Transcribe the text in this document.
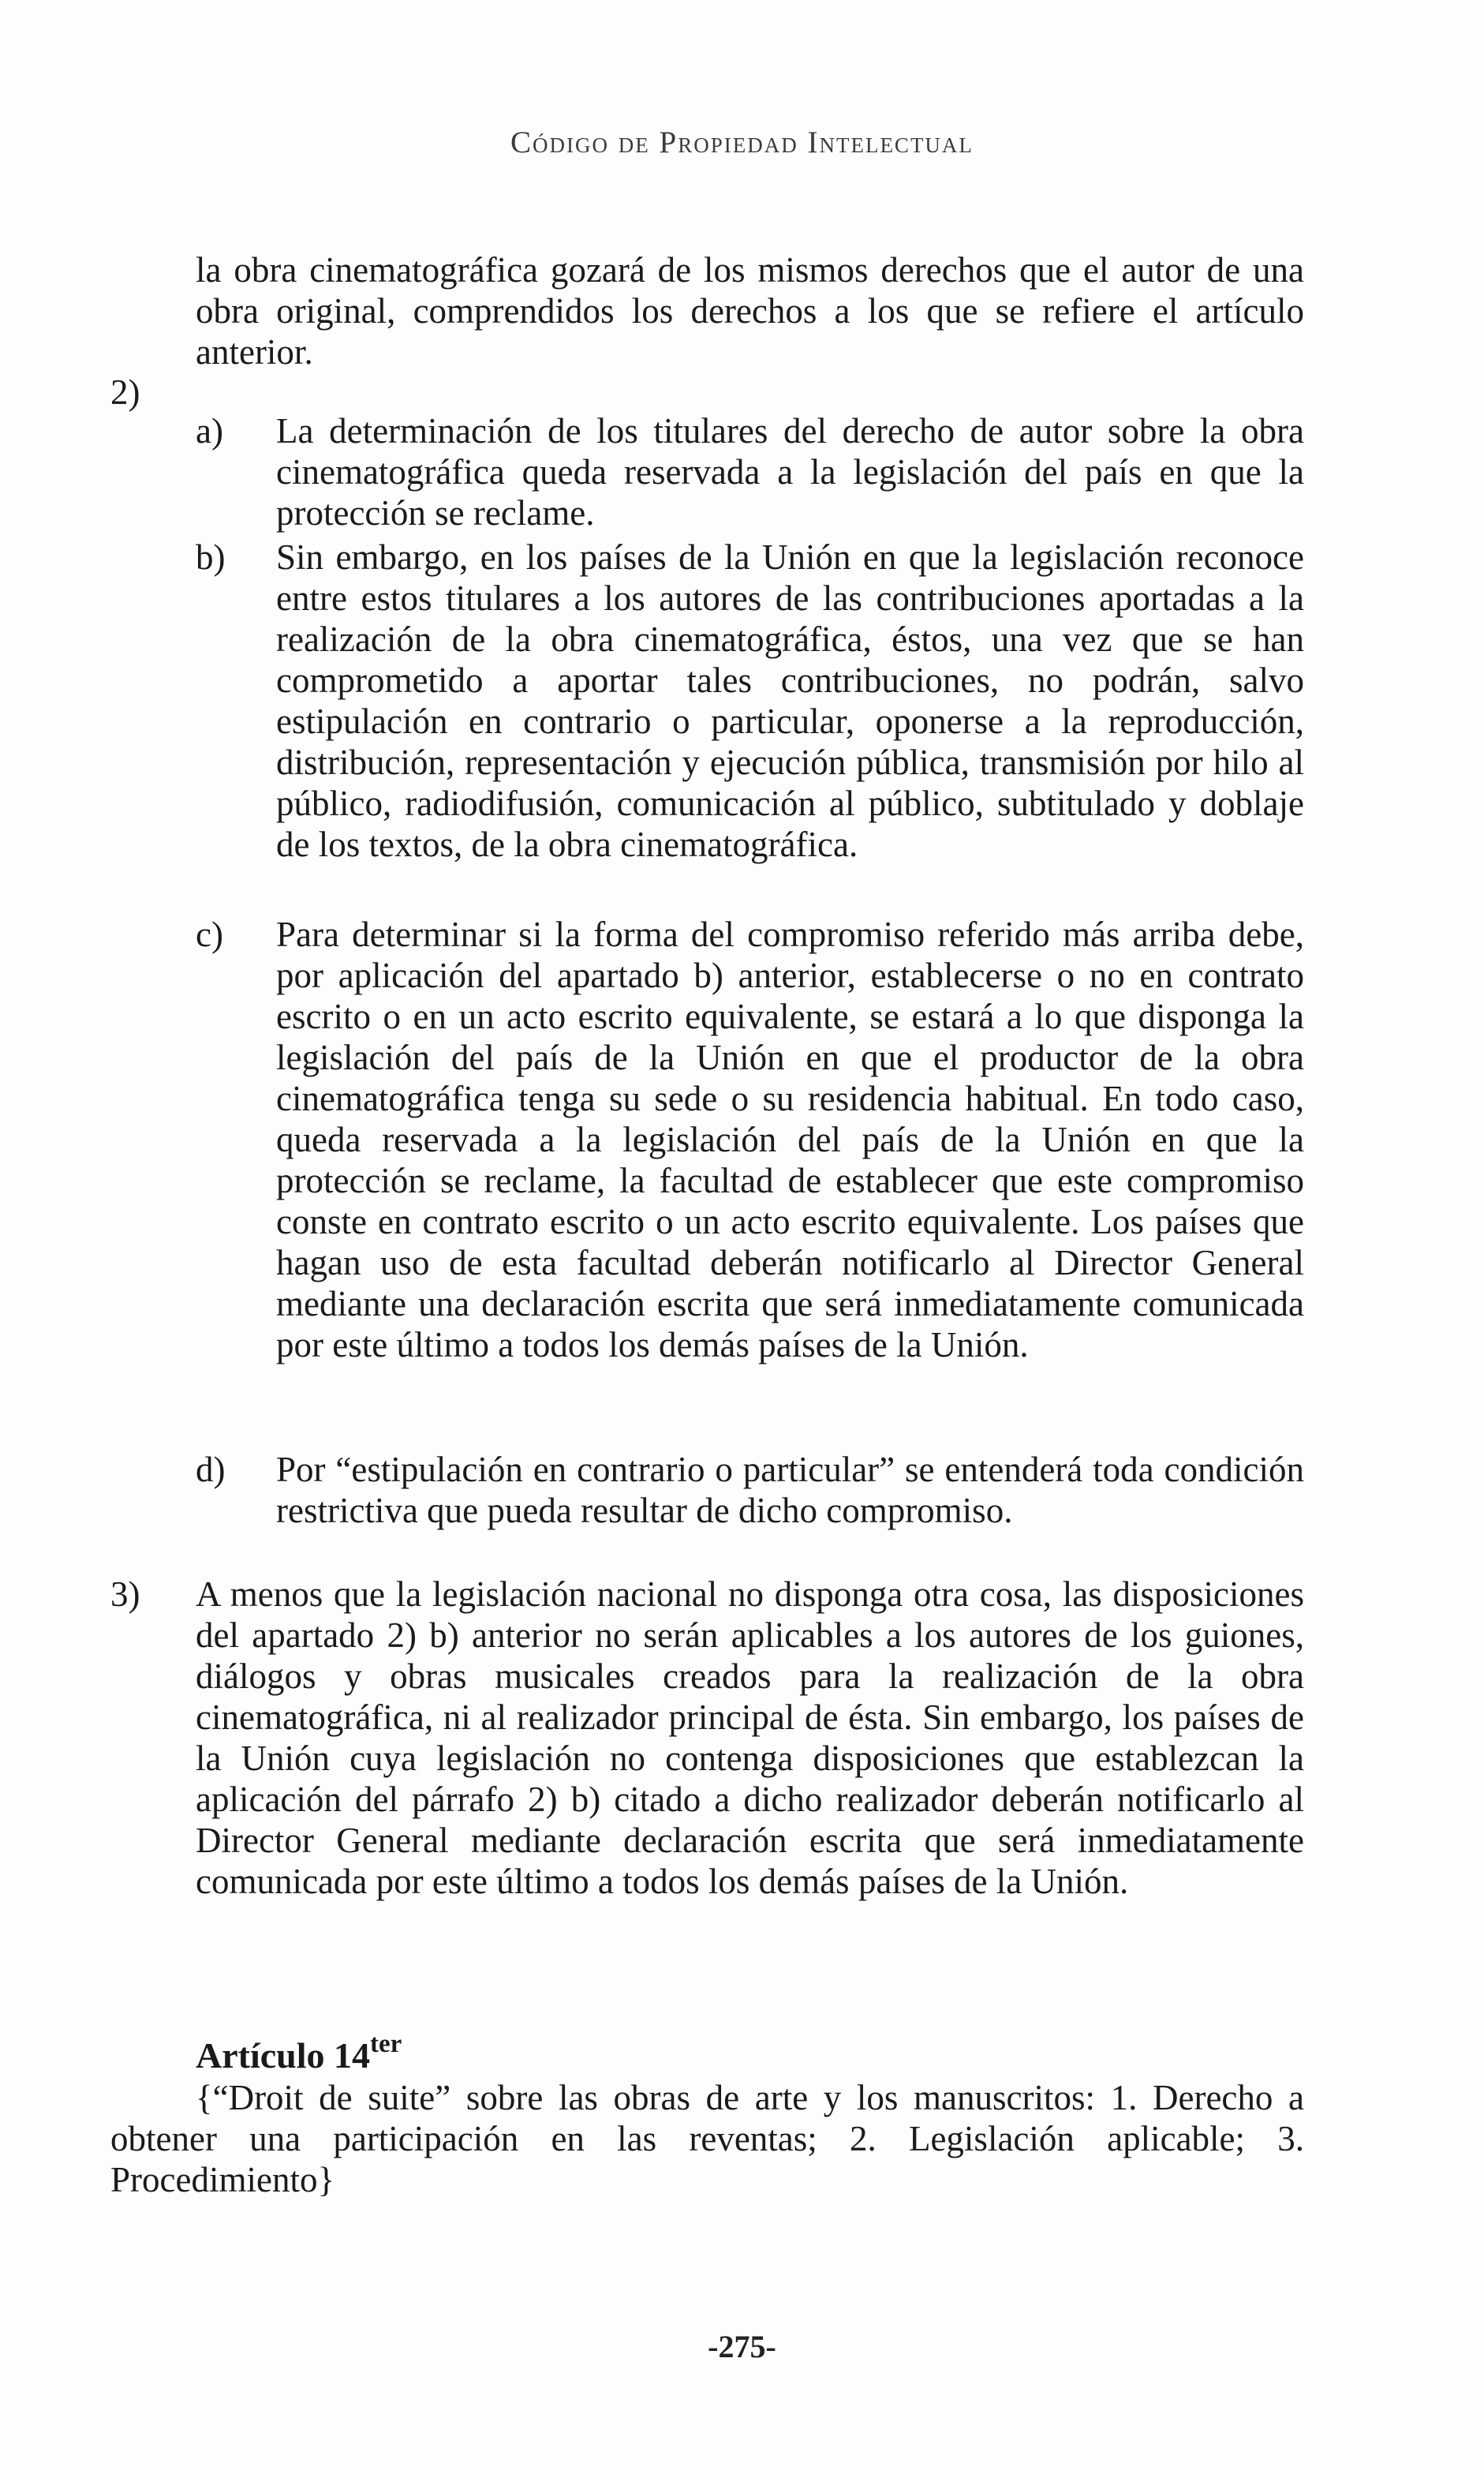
Código de Propiedad Intelectual
la obra cinematográfica gozará de los mismos derechos que el autor de una obra original, comprendidos los derechos a los que se refiere el artículo anterior.
2)
a) La determinación de los titulares del derecho de autor sobre la obra cinematográfica queda reservada a la legislación del país en que la protección se reclame.
b) Sin embargo, en los países de la Unión en que la legislación reconoce entre estos titulares a los autores de las contribuciones aportadas a la realización de la obra cinematográfica, éstos, una vez que se han comprometido a aportar tales contribuciones, no podrán, salvo estipulación en contrario o particular, oponerse a la reproducción, distribución, representación y ejecución pública, transmisión por hilo al público, radiodifusión, comunicación al público, subtitulado y doblaje de los textos, de la obra cinematográfica.
c) Para determinar si la forma del compromiso referido más arriba debe, por aplicación del apartado b) anterior, establecerse o no en contrato escrito o en un acto escrito equivalente, se estará a lo que disponga la legislación del país de la Unión en que el productor de la obra cinematográfica tenga su sede o su residencia habitual. En todo caso, queda reservada a la legislación del país de la Unión en que la protección se reclame, la facultad de establecer que este compromiso conste en contrato escrito o un acto escrito equivalente. Los países que hagan uso de esta facultad deberán notificarlo al Director General mediante una declaración escrita que será inmediatamente comunicada por este último a todos los demás países de la Unión.
d) Por “estipulación en contrario o particular” se entenderá toda condición restrictiva que pueda resultar de dicho compromiso.
3) A menos que la legislación nacional no disponga otra cosa, las disposiciones del apartado 2) b) anterior no serán aplicables a los autores de los guiones, diálogos y obras musicales creados para la realización de la obra cinematográfica, ni al realizador principal de ésta. Sin embargo, los países de la Unión cuya legislación no contenga disposiciones que establezcan la aplicación del párrafo 2) b) citado a dicho realizador deberán notificarlo al Director General mediante declaración escrita que será inmediatamente comunicada por este último a todos los demás países de la Unión.
Artículo $14^{ter}$
{“Droit de suite” sobre las obras de arte y los manuscritos: 1. Derecho a obtener una participación en las reventas; 2. Legislación aplicable; 3. Procedimiento}
-275-
